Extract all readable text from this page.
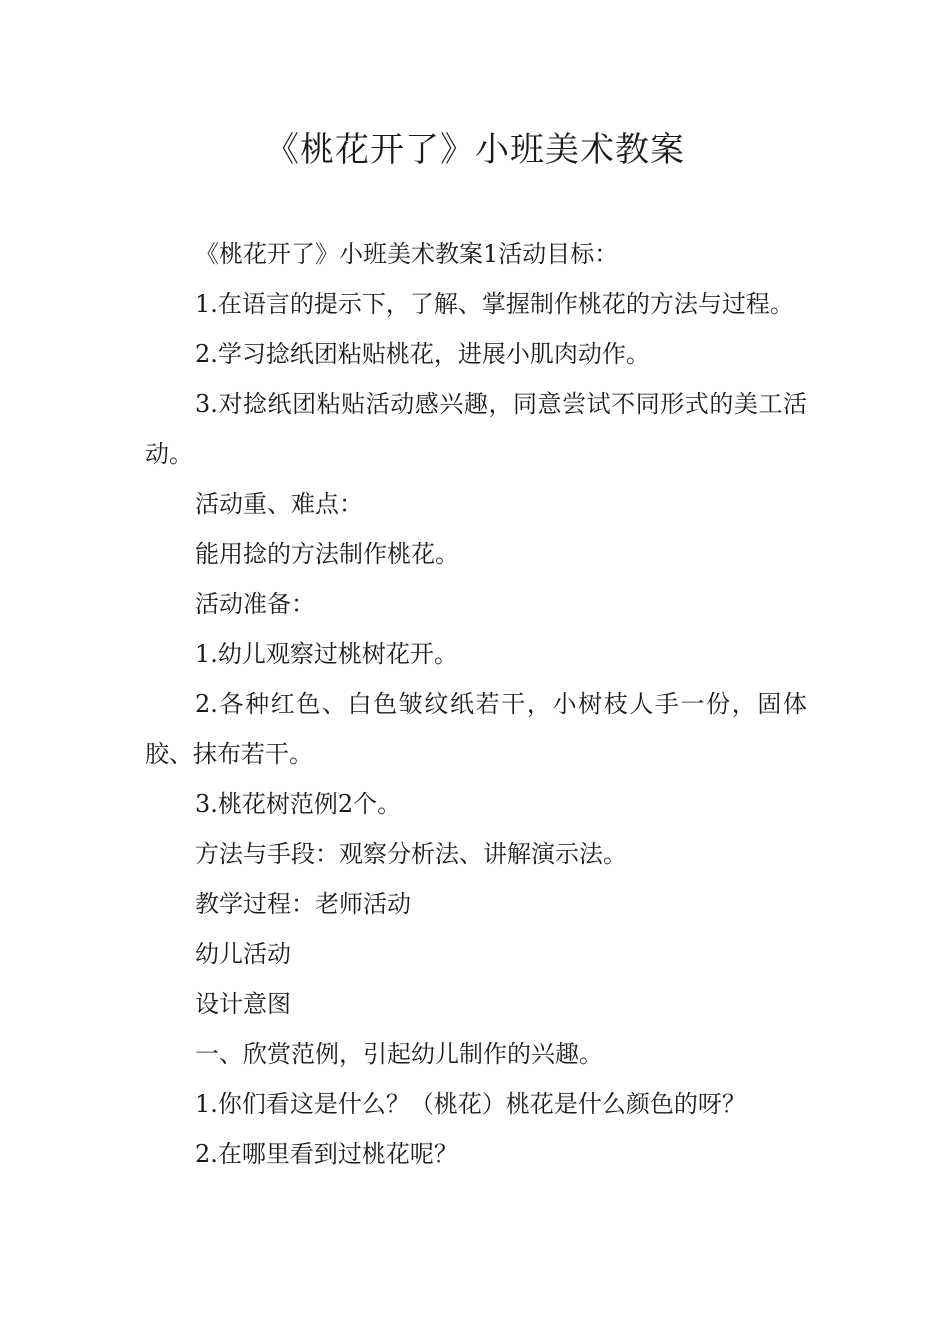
《桃花开了》小班美术教案

《桃花开了》小班美术教案1活动目标：

1.在语言的提示下，了解、掌握制作桃花的方法与过程。

2.学习捻纸团粘贴桃花，进展小肌肉动作。

3.对捻纸团粘贴活动感兴趣，同意尝试不同形式的美工活动。

活动重、难点：

能用捻的方法制作桃花。

活动准备：

1.幼儿观察过桃树花开。

2.各种红色、白色皱纹纸若干，小树枝人手一份，固体胶、抹布若干。

3.桃花树范例2个。

方法与手段：观察分析法、讲解演示法。

教学过程：老师活动

幼儿活动

设计意图

一、欣赏范例，引起幼儿制作的兴趣。

1.你们看这是什么？（桃花）桃花是什么颜色的呀？

2.在哪里看到过桃花呢？
